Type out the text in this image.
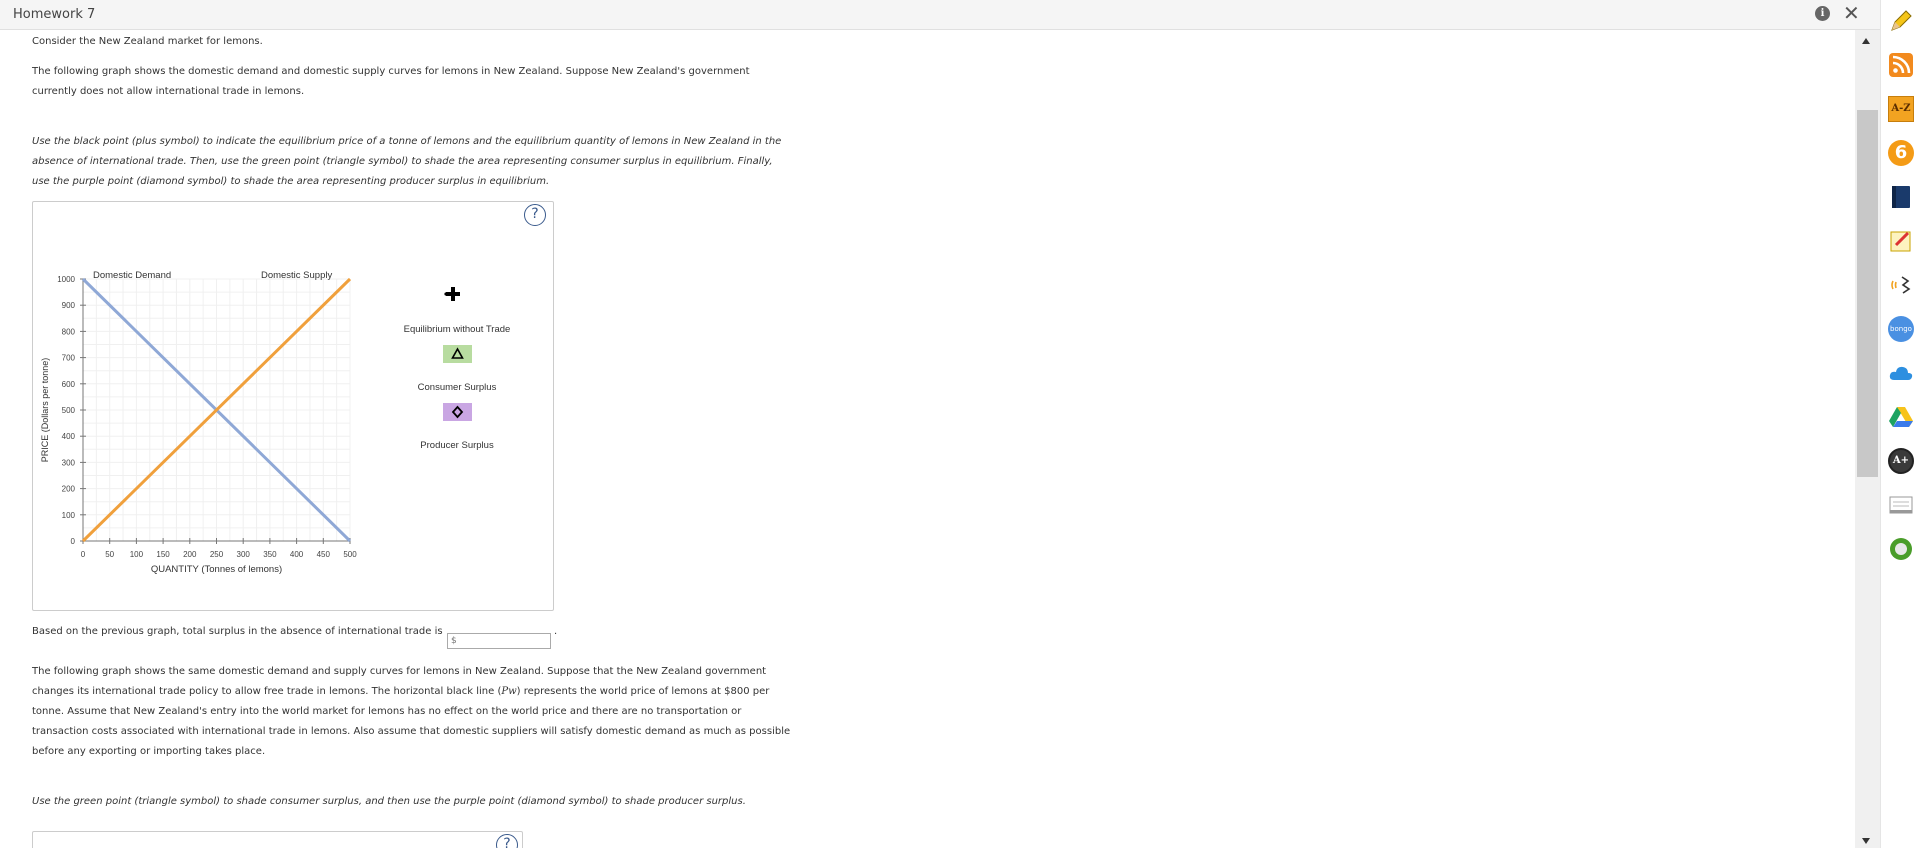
Homework 7	i ✕
Consider the New Zealand market for lemons.
The following graph shows the domestic demand and domestic supply curves for lemons in New Zealand. Suppose New Zealand's government
currently does not allow international trade in lemons.
Use the black point (plus symbol) to indicate the equilibrium price of a tonne of lemons and the equilibrium quantity of lemons in New Zealand in the
absence of international trade. Then, use the green point (triangle symbol) to shade the area representing consumer surplus in equilibrium. Finally,
use the purple point (diamond symbol) to shade the area representing producer surplus in equilibrium.
?
0	50 100 150 200 250 300 350 400 450 500
0
100
200
300
400
500
600
700
800
900
1000
QUANTITY (Tonnes of lemons)
PRICE (Dollars per tonne)
Domestic Demand	Domestic Supply
Equilibrium without Trade
Consumer Surplus
Producer Surplus
Based on the previous graph, total surplus in the absence of international trade is
$	.
The following graph shows the same domestic demand and supply curves for lemons in New Zealand. Suppose that the New Zealand government
changes its international trade policy to allow free trade in lemons. The horizontal black line (Pw) represents the world price of lemons at $800 per
tonne. Assume that New Zealand's entry into the world market for lemons has no effect on the world price and there are no transportation or
transaction costs associated with international trade in lemons. Also assume that domestic suppliers will satisfy domestic demand as much as possible
before any exporting or importing takes place.
Use the green point (triangle symbol) to shade consumer surplus, and then use the purple point (diamond symbol) to shade producer surplus.
?
A-Z
6
bongo
A+
